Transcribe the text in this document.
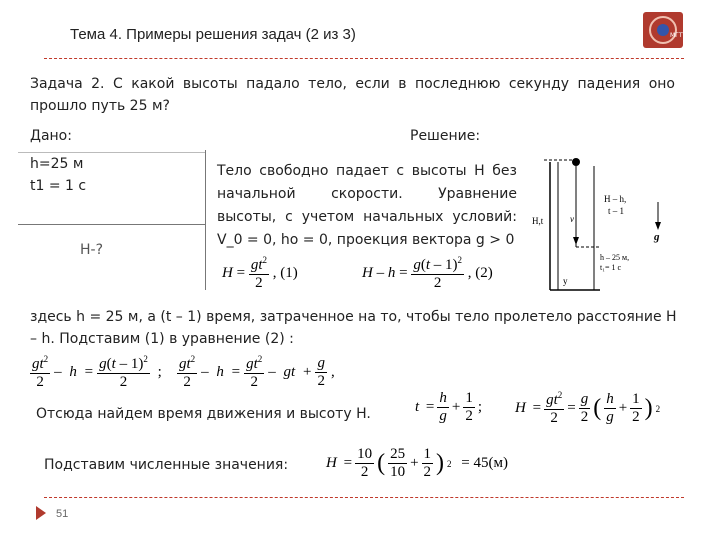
Тема 4. Примеры решения задач (2 из 3)	МГТУ
Задача 2. С какой высоты падало тело, если в последнюю секунду падения оно прошло путь 25 м?
Дано:
h=25 м
t1 = 1 с
H-?
Решение:
Тело свободно падает с высоты H без начальной скорости. Уравнение высоты, с учетом начальных условий: V_0 = 0, ho = 0, проекция вектора g > 0
$H = \frac{gt^2}{2}$ , (1)	$H - h = \frac{g(t - 1)^2}{2}$ , (2)
H,t
H – h,
t – 1
h – 25 м,
t₁= 1 с
g
y
v
здесь h = 25 м, а (t – 1) время, затраченное на то, чтобы тело пролетело расстояние H – h. Подставим (1) в уравнение (2) :
$\frac{gt^2}{2} - h = \frac{g(t - 1)^2}{2}$ ; $\frac{gt^2}{2} - h = \frac{gt^2}{2}$ – gt + $\frac{g}{2}$ ,
Отсюда найдем время движения и высоту H.	$t = \frac{h}{g} + \frac{1}{2}$ ; $H = \frac{gt^2}{2} = \frac{g}{2}$ ( $\frac{h}{g} + \frac{1}{2}$ ) 2
Подставим численные значения:	$H = \frac{10}{2}$ ( $\frac{25}{10} + \frac{1}{2}$ ) 2
= 45(м)
51
